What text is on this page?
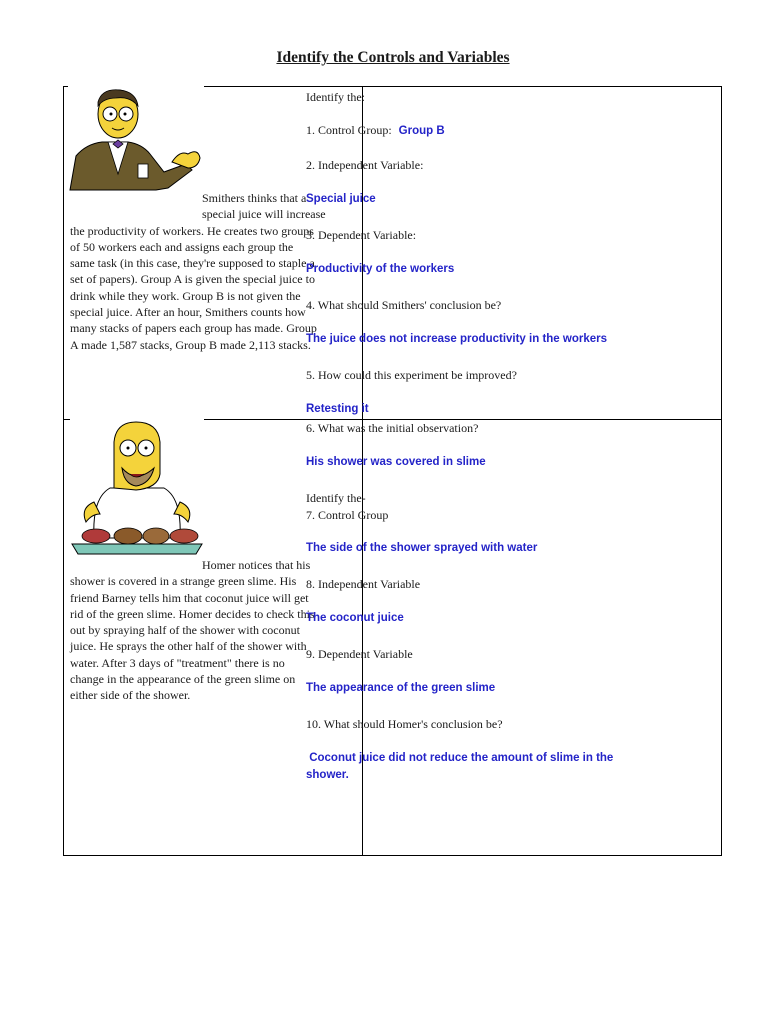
Identify the Controls and Variables

Smithers thinks that a

special juice will increase

the productivity of workers. He creates two groups

of 50 workers each and assigns each group the

same task (in this case, they're supposed to staple a

set of papers). Group A is given the special juice to

drink while they work. Group B is not given the

special juice. After an hour, Smithers counts how

many stacks of papers each group has made. Group

A made 1,587 stacks, Group B made 2,113 stacks.

Identify the:
1. Control Group: Group B
2. Independent Variable:
Special juice
3. Dependent Variable:
Productivity of the workers
4. What should Smithers' conclusion be?
The juice does not increase productivity in the workers
5. How could this experiment be improved?
Retesting it

Homer notices that his

shower is covered in a strange green slime. His

friend Barney tells him that coconut juice will get

rid of the green slime. Homer decides to check this

out by spraying half of the shower with coconut

juice. He sprays the other half of the shower with

water. After 3 days of "treatment" there is no

change in the appearance of the green slime on

either side of the shower.

6. What was the initial observation?
His shower was covered in slime
Identify the-
7. Control Group
The side of the shower sprayed with water
8. Independent Variable
The coconut juice
9. Dependent Variable
The appearance of the green slime
10. What should Homer's conclusion be?
Coconut juice did not reduce the amount of slime in the
shower.
